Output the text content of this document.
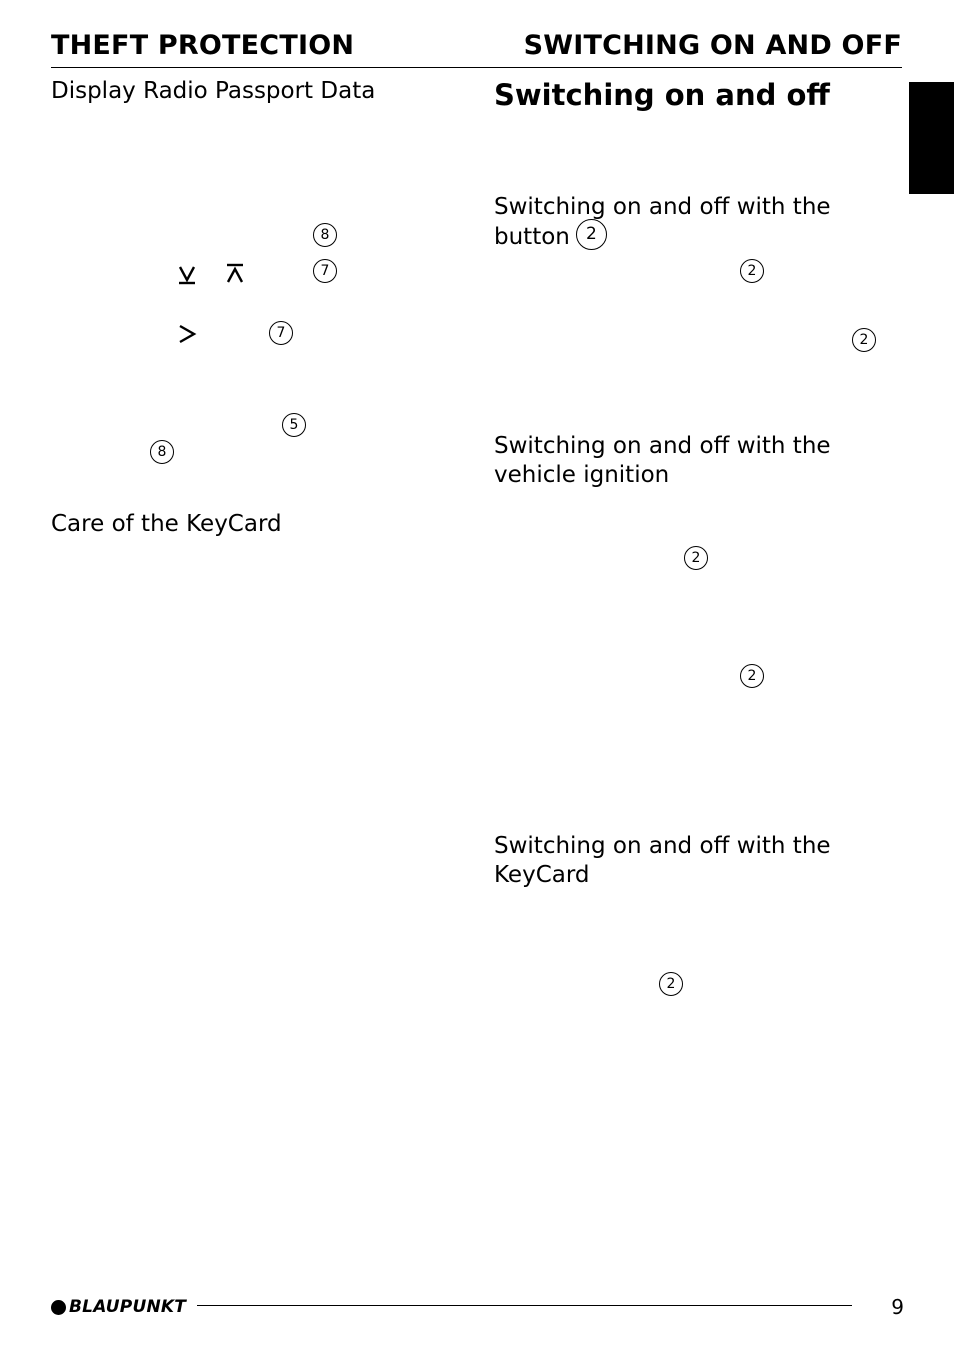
THEFT PROTECTION	SWITCHING ON AND OFF
Display Radio Passport Data
8
7
7
5
8
Care of the KeyCard
Switching on and off
Switching on and off with the
button 2
2
2
Switching on and off with the
vehicle ignition
2
2
Switching on and off with the
KeyCard
2
BLAUPUNKT	9
